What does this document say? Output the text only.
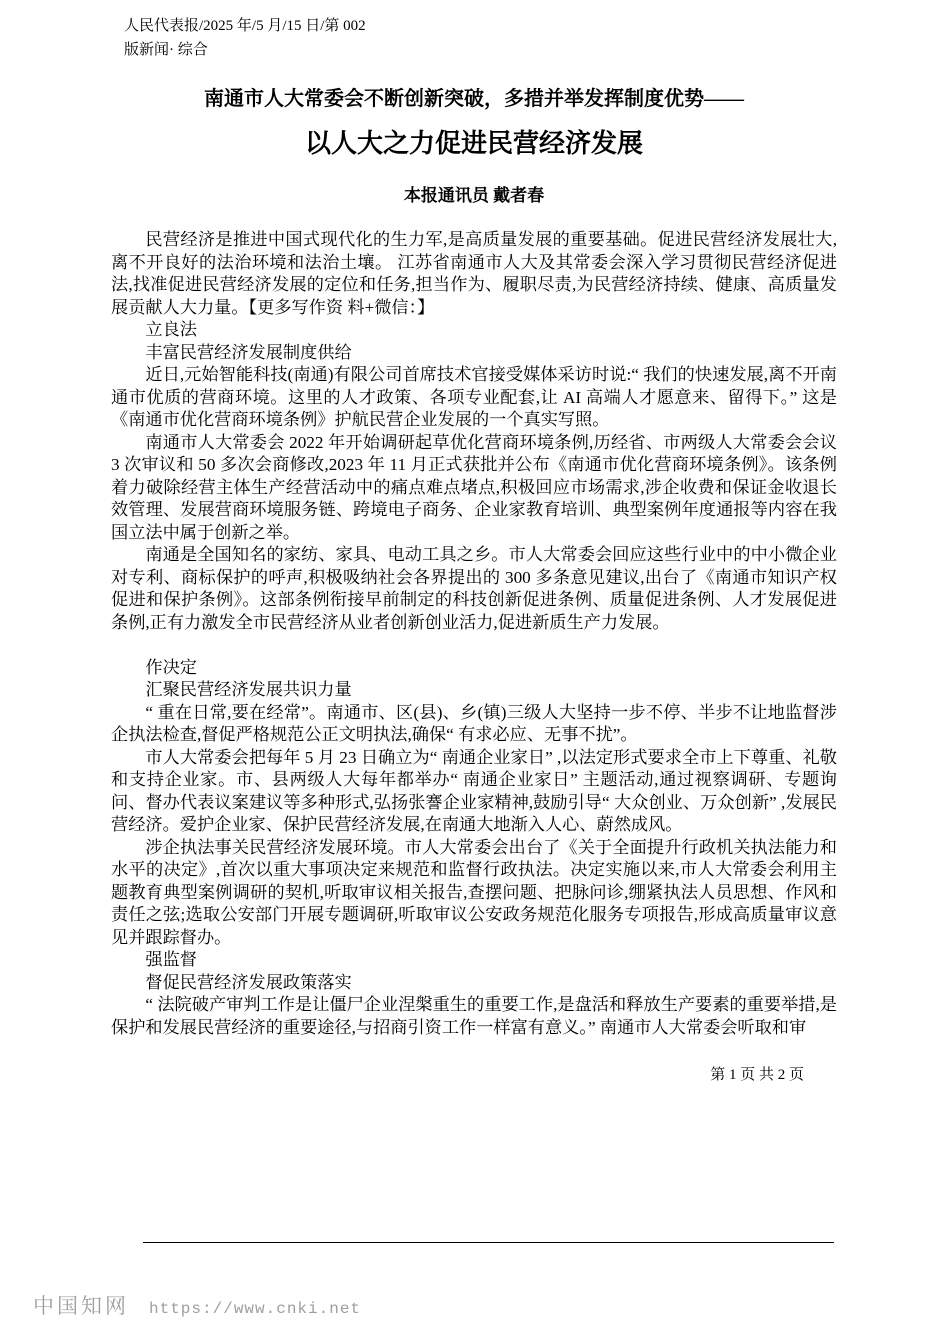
人民代表报/2025 年/5 月/15 日/第 002
版新闻· 综合
南通市人大常委会不断创新突破，多措并举发挥制度优势——
以人大之力促进民营经济发展
本报通讯员 戴者春

民营经济是推进中国式现代化的生力军,是高质量发展的重要基础。促进民营经济发展壮大,离不开良好的法治环境和法治土壤。 江苏省南通市人大及其常委会深入学习贯彻民营经济促进法,找准促进民营经济发展的定位和任务,担当作为、履职尽责,为民营经济持续、健康、高质量发展贡献人大力量。【更多写作资 料+微信：】

立良法

丰富民营经济发展制度供给

近日,元始智能科技(南通)有限公司首席技术官接受媒体采访时说:“ 我们的快速发展,离不开南通市优质的营商环境。这里的人才政策、各项专业配套,让 AI 高端人才愿意来、留得下。” 这是《南通市优化营商环境条例》护航民营企业发展的一个真实写照。

南通市人大常委会 2022 年开始调研起草优化营商环境条例,历经省、市两级人大常委会会议 3 次审议和 50 多次会商修改,2023 年 11 月正式获批并公布《南通市优化营商环境条例》。该条例着力破除经营主体生产经营活动中的痛点难点堵点,积极回应市场需求,涉企收费和保证金收退长效管理、发展营商环境服务链、跨境电子商务、企业家教育培训、典型案例年度通报等内容在我国立法中属于创新之举。

南通是全国知名的家纺、家具、电动工具之乡。市人大常委会回应这些行业中的中小微企业对专利、商标保护的呼声,积极吸纳社会各界提出的 300 多条意见建议,出台了《南通市知识产权促进和保护条例》。这部条例衔接早前制定的科技创新促进条例、质量促进条例、人才发展促进条例,正有力激发全市民营经济从业者创新创业活力,促进新质生产力发展。

作决定

汇聚民营经济发展共识力量

“ 重在日常,要在经常”。南通市、区(县)、乡(镇)三级人大坚持一步不停、半步不让地监督涉企执法检查,督促严格规范公正文明执法,确保“ 有求必应、无事不扰”。

市人大常委会把每年 5 月 23 日确立为“ 南通企业家日” ,以法定形式要求全市上下尊重、礼敬和支持企业家。市、县两级人大每年都举办“ 南通企业家日” 主题活动,通过视察调研、专题询问、督办代表议案建议等多种形式,弘扬张謇企业家精神,鼓励引导“ 大众创业、万众创新” ,发展民营经济。爱护企业家、保护民营经济发展,在南通大地渐入人心、蔚然成风。

涉企执法事关民营经济发展环境。市人大常委会出台了《关于全面提升行政机关执法能力和水平的决定》,首次以重大事项决定来规范和监督行政执法。决定实施以来,市人大常委会利用主题教育典型案例调研的契机,听取审议相关报告,查摆问题、把脉问诊,绷紧执法人员思想、作风和责任之弦;选取公安部门开展专题调研,听取审议公安政务规范化服务专项报告,形成高质量审议意见并跟踪督办。

强监督

督促民营经济发展政策落实

“ 法院破产审判工作是让僵尸企业涅槃重生的重要工作,是盘活和释放生产要素的重要举措,是保护和发展民营经济的重要途径,与招商引资工作一样富有意义。” 南通市人大常委会听取和审

第 1 页 共 2 页
中国知网 https://www.cnki.net
